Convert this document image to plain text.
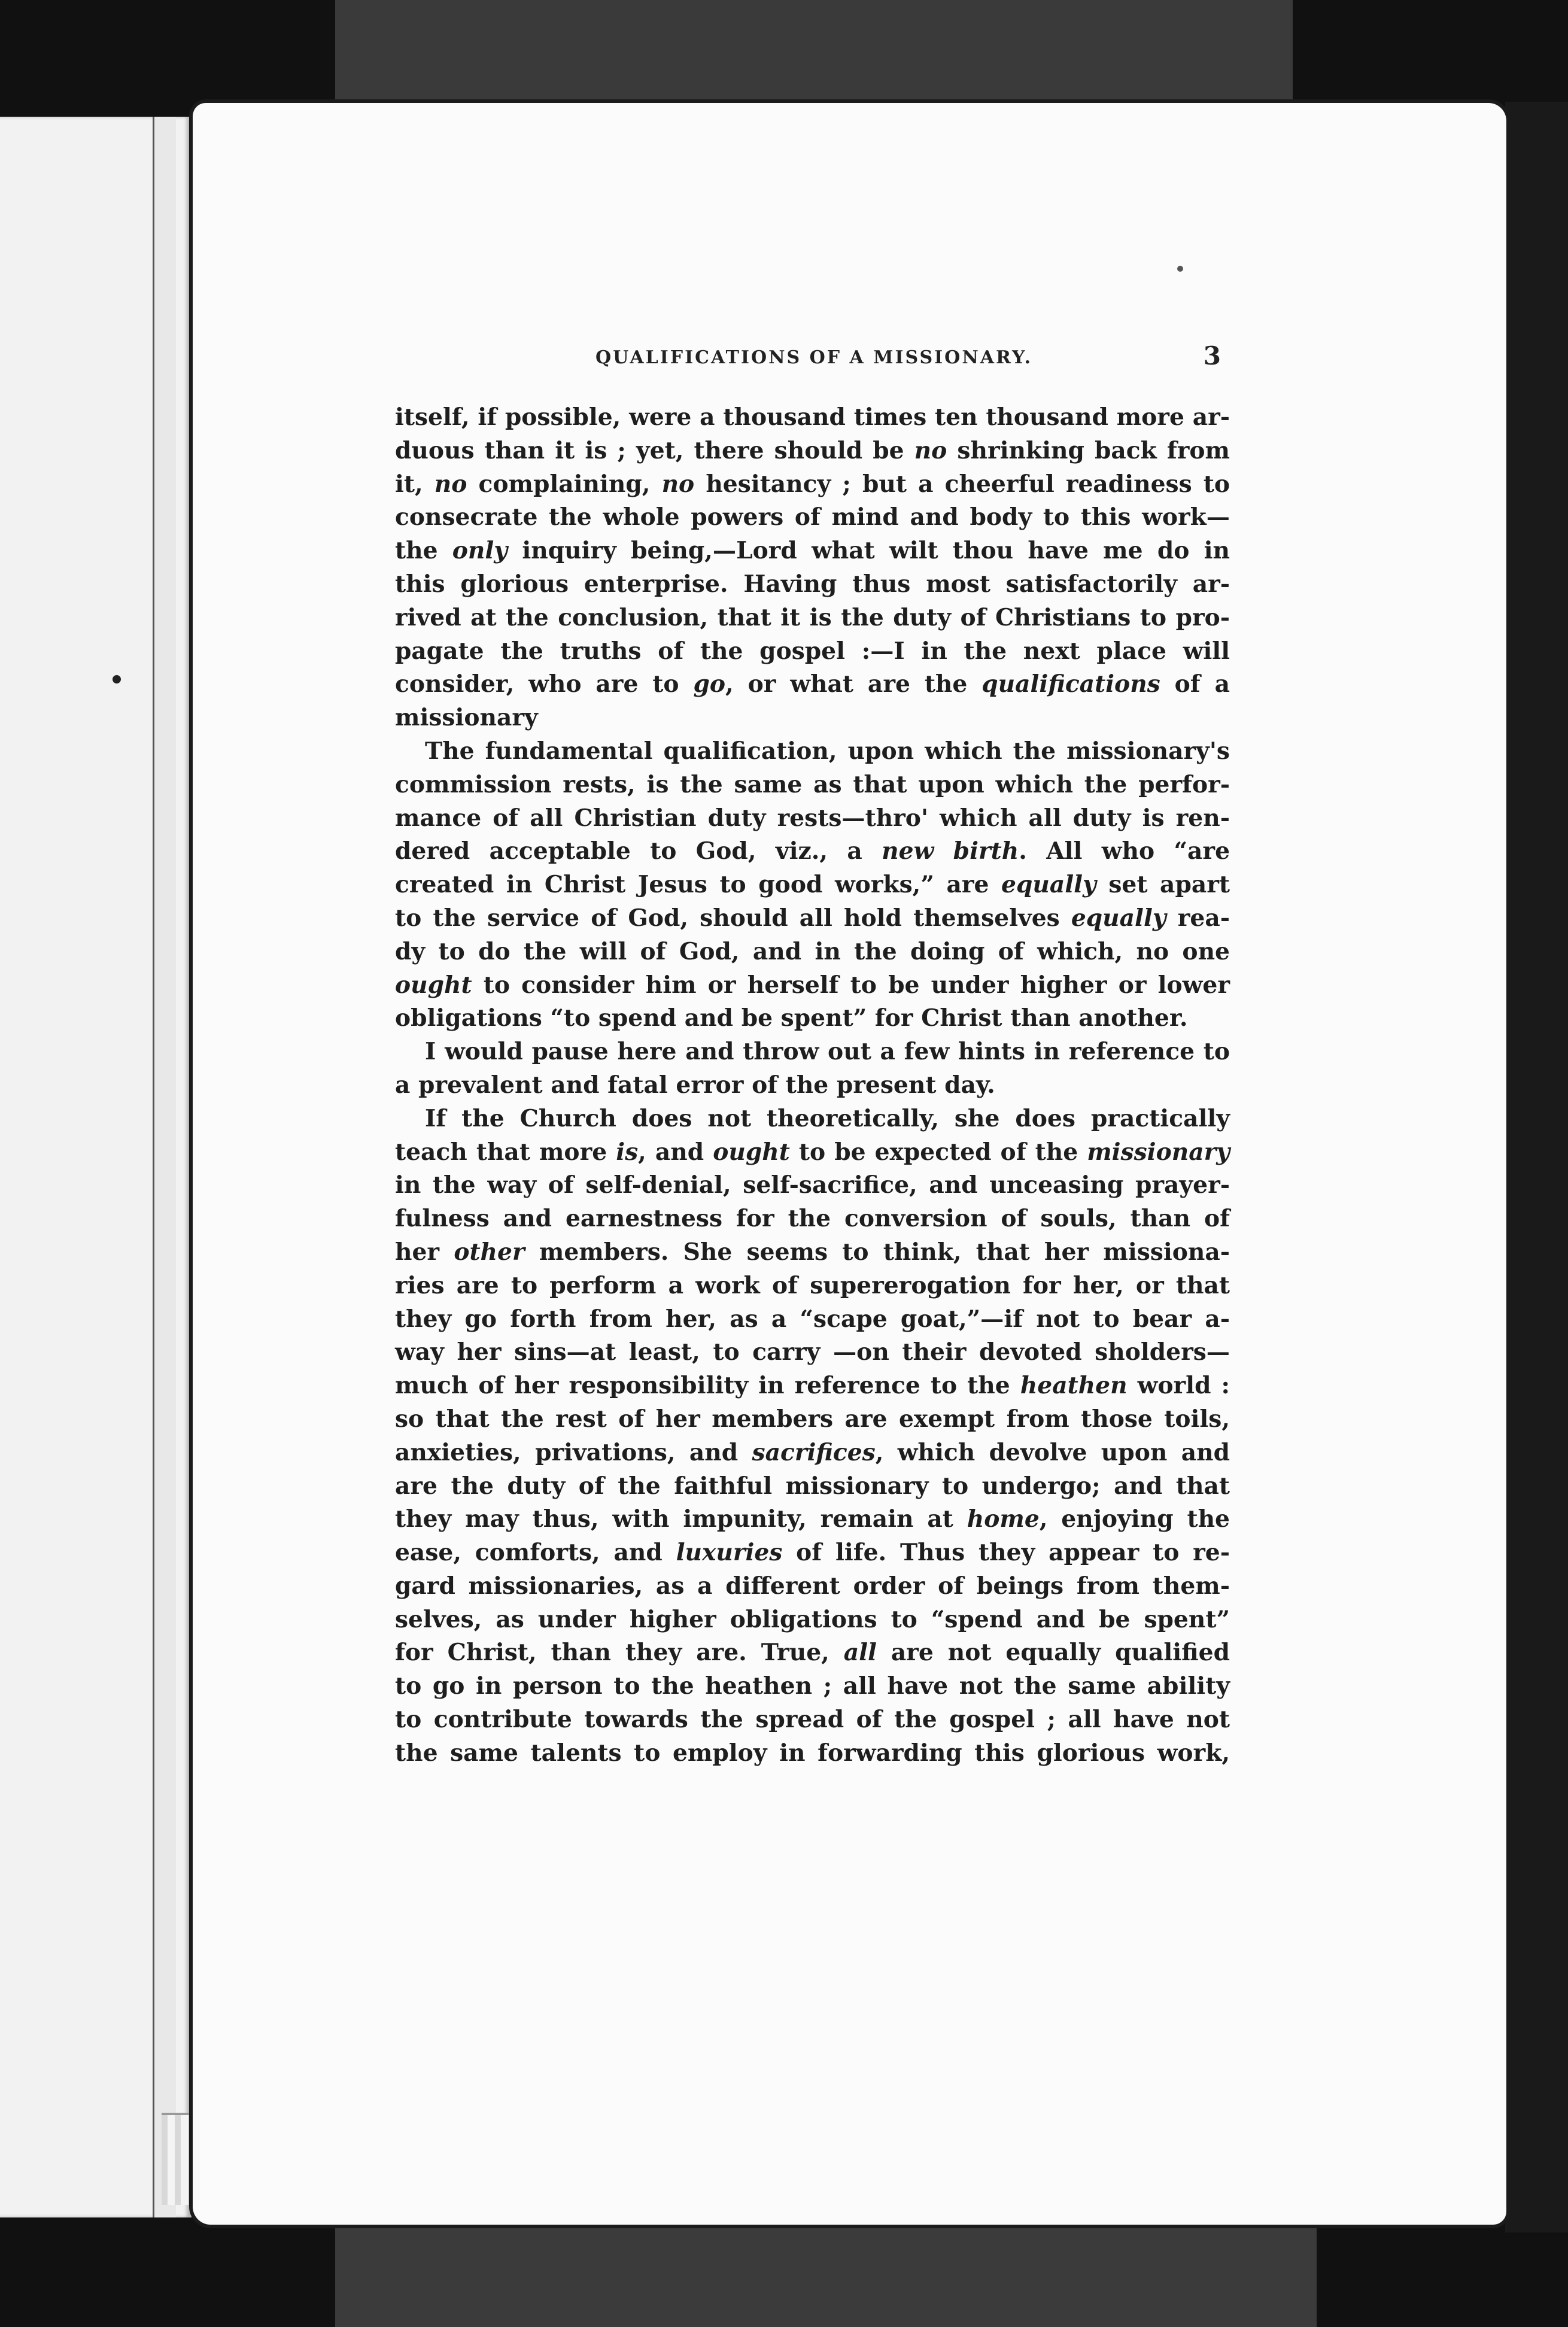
QUALIFICATIONS OF A MISSIONARY.	3
itself, if possible, were a thousand times ten thousand more ar-
duous than it is ; yet, there should be no shrinking back from
it, no complaining, no hesitancy ; but a cheerful readiness to
consecrate the whole powers of mind and body to this work—
the only inquiry being,—Lord what wilt thou have me do in
this glorious enterprise. Having thus most satisfactorily ar-
rived at the conclusion, that it is the duty of Christians to pro-
pagate the truths of the gospel :—I in the next place will
consider, who are to go, or what are the qualifications of a
missionary
The fundamental qualification, upon which the missionary's
commission rests, is the same as that upon which the perfor-
mance of all Christian duty rests—thro' which all duty is ren-
dered acceptable to God, viz., a new birth. All who “are
created in Christ Jesus to good works,” are equally set apart
to the service of God, should all hold themselves equally rea-
dy to do the will of God, and in the doing of which, no one
ought to consider him or herself to be under higher or lower
obligations “to spend and be spent” for Christ than another.
I would pause here and throw out a few hints in reference to
a prevalent and fatal error of the present day.
If the Church does not theoretically, she does practically
teach that more is, and ought to be expected of the missionary
in the way of self-denial, self-sacrifice, and unceasing prayer-
fulness and earnestness for the conversion of souls, than of
her other members. She seems to think, that her missiona-
ries are to perform a work of supererogation for her, or that
they go forth from her, as a “scape goat,”—if not to bear a-
way her sins—at least, to carry —on their devoted sholders—
much of her responsibility in reference to the heathen world :
so that the rest of her members are exempt from those toils,
anxieties, privations, and sacrifices, which devolve upon and
are the duty of the faithful missionary to undergo; and that
they may thus, with impunity, remain at home, enjoying the
ease, comforts, and luxuries of life. Thus they appear to re-
gard missionaries, as a different order of beings from them-
selves, as under higher obligations to “spend and be spent”
for Christ, than they are. True, all are not equally qualified
to go in person to the heathen ; all have not the same ability
to contribute towards the spread of the gospel ; all have not
the same talents to employ in forwarding this glorious work,
